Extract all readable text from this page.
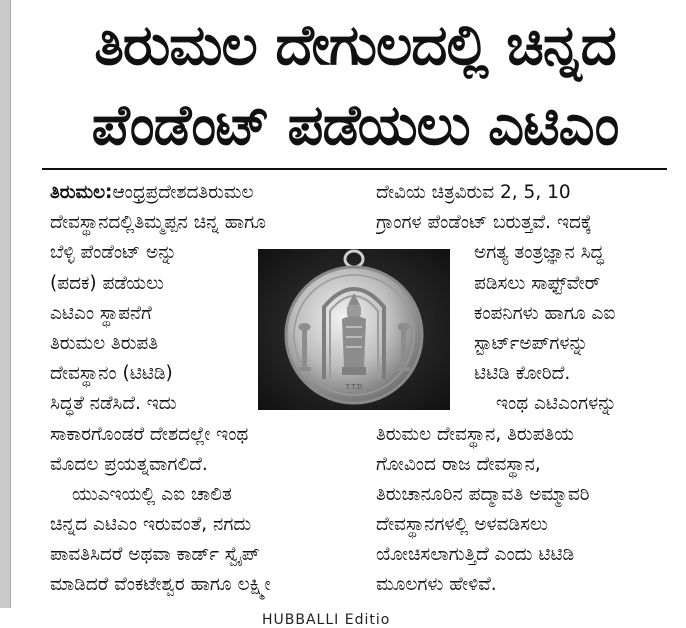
ತಿರುಮಲ ದೇಗುಲದಲ್ಲಿ ಚಿನ್ನದ
ಪೆಂಡೆಂಟ್ ಪಡೆಯಲು ಎಟಿಎಂ
ತಿರುಮಲ:ಆಂಧ್ರಪ್ರದೇಶದತಿರುಮಲ
ದೇವಸ್ಥಾನದಲ್ಲಿತಿಮ್ಮಪ್ಪನ ಚಿನ್ನ ಹಾಗೂ
ಬೆಳ್ಳಿ ಪೆಂಡೆಂಟ್ ಅನ್ನು
(ಪದಕ) ಪಡೆಯಲು
ಎಟಿಎಂ ಸ್ಥಾಪನೆಗೆ
ತಿರುಮಲ ತಿರುಪತಿ
ದೇವಸ್ಥಾನಂ (ಟಿಟಿಡಿ)
ಸಿದ್ಧತೆ ನಡೆಸಿದೆ. ಇದು
ಸಾಕಾರಗೊಂಡರೆ ದೇಶದಲ್ಲೇ ಇಂಥ
ಮೊದಲ ಪ್ರಯತ್ನವಾಗಲಿದೆ.
ಯುಎಇಯಲ್ಲಿ ಎಐ ಚಾಲಿತ
ಚಿನ್ನದ ಎಟಿಎಂ ಇರುವಂತೆ, ನಗದು
ಪಾವತಿಸಿದರೆ ಅಥವಾ ಕಾರ್ಡ್ ಸ್ವೈಪ್
ಮಾಡಿದರೆ ವೆಂಕಟೇಶ್ವರ ಹಾಗೂ ಲಕ್ಷ್ಮೀ
ದೇವಿಯ ಚಿತ್ರವಿರುವ 2, 5, 10
ಗ್ರಾಂಗಳ ಪೆಂಡೆಂಟ್ ಬರುತ್ತವೆ. ಇದಕ್ಕೆ
ಅಗತ್ಯ ತಂತ್ರಜ್ಞಾನ ಸಿದ್ಧ
ಪಡಿಸಲು ಸಾಫ್ಟ್‌ವೇರ್
ಕಂಪನಿಗಳು ಹಾಗೂ ಎಐ
ಸ್ಟಾರ್ಟ್‌ಅಪ್‌ಗಳನ್ನು
ಟಿಟಿಡಿ ಕೋರಿದೆ.
ಇಂಥ ಎಟಿಎಂಗಳನ್ನು
ತಿರುಮಲ ದೇವಸ್ಥಾನ, ತಿರುಪತಿಯ
ಗೋವಿಂದ ರಾಜ ದೇವಸ್ಥಾನ,
ತಿರುಚಾನೂರಿನ ಪದ್ಮಾವತಿ ಅಮ್ಮಾವರಿ
ದೇವಸ್ಥಾನಗಳಲ್ಲಿ ಅಳವಡಿಸಲು
ಯೋಚಿಸಲಾಗುತ್ತಿದೆ ಎಂದು ಟಿಟಿಡಿ
ಮೂಲಗಳು ಹೇಳಿವೆ.
T.T.D
HUBBALLI Editio
